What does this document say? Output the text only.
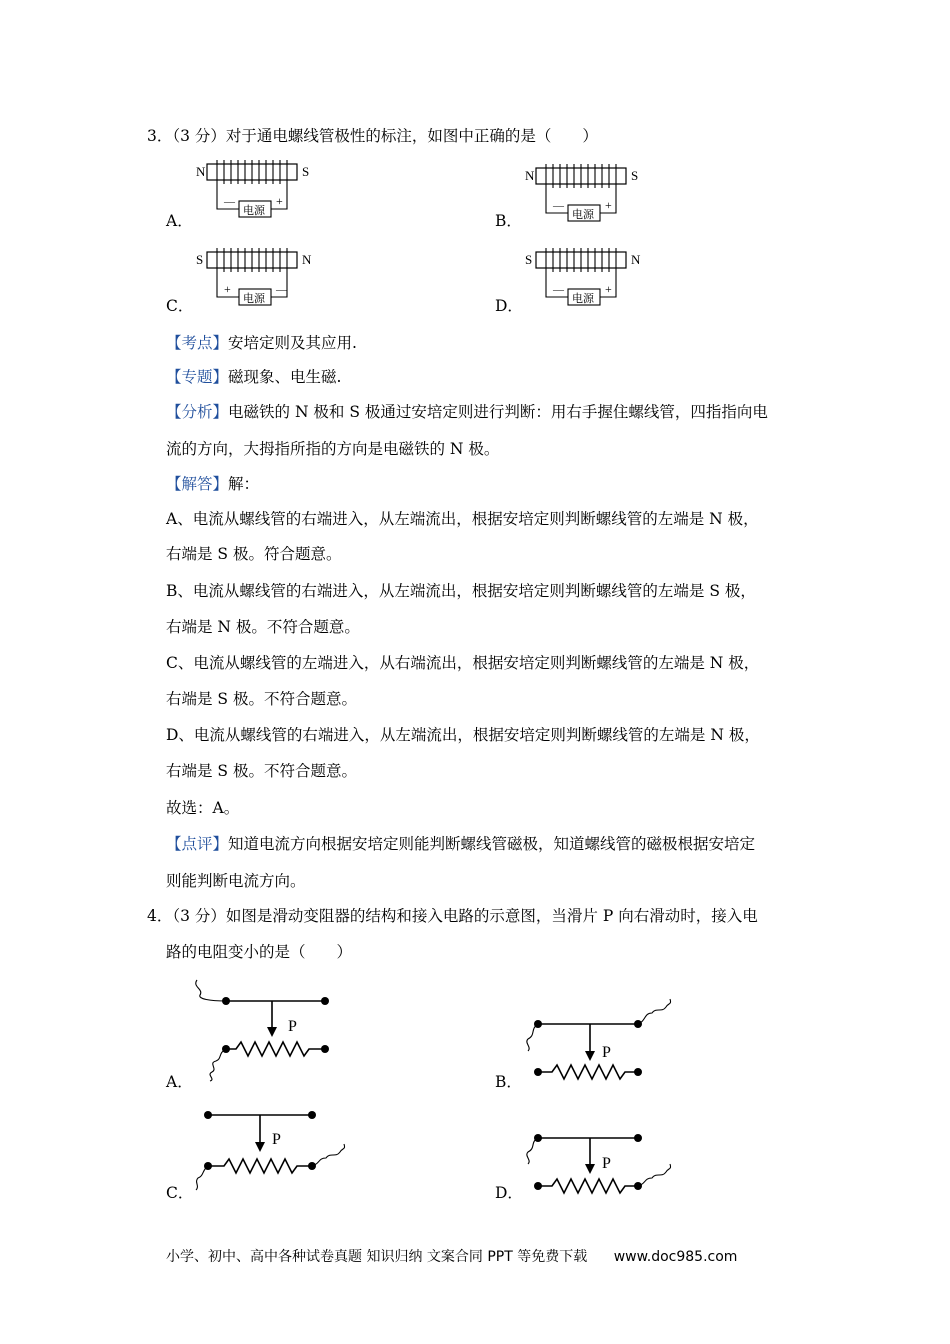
3．（3 分）对于通电螺线管极性的标注，如图中正确的是（　　）
A．
N	S
电源
—	+
B．
N	S
电源
—	+
C．
S	N
电源
+	—
D．
S	N
电源
—	+
【考点】安培定则及其应用.
【专题】磁现象、电生磁.
【分析】电磁铁的 N 极和 S 极通过安培定则进行判断：用右手握住螺线管，四指指向电
流的方向，大拇指所指的方向是电磁铁的 N 极。
【解答】解：
A、电流从螺线管的右端进入，从左端流出，根据安培定则判断螺线管的左端是 N 极，
右端是 S 极。符合题意。
B、电流从螺线管的右端进入，从左端流出，根据安培定则判断螺线管的左端是 S 极，
右端是 N 极。不符合题意。
C、电流从螺线管的左端进入，从右端流出，根据安培定则判断螺线管的左端是 N 极，
右端是 S 极。不符合题意。
D、电流从螺线管的右端进入，从左端流出，根据安培定则判断螺线管的左端是 N 极，
右端是 S 极。不符合题意。
故选：A。
【点评】知道电流方向根据安培定则能判断螺线管磁极，知道螺线管的磁极根据安培定
则能判断电流方向。
4．（3 分）如图是滑动变阻器的结构和接入电路的示意图，当滑片 P 向右滑动时，接入电
路的电阻变小的是（　　）
A．
P
B．
P
C．
P
D．
P
小学、初中、高中各种试卷真题 知识归纳 文案合同 PPT 等免费下载 www.doc985.com
